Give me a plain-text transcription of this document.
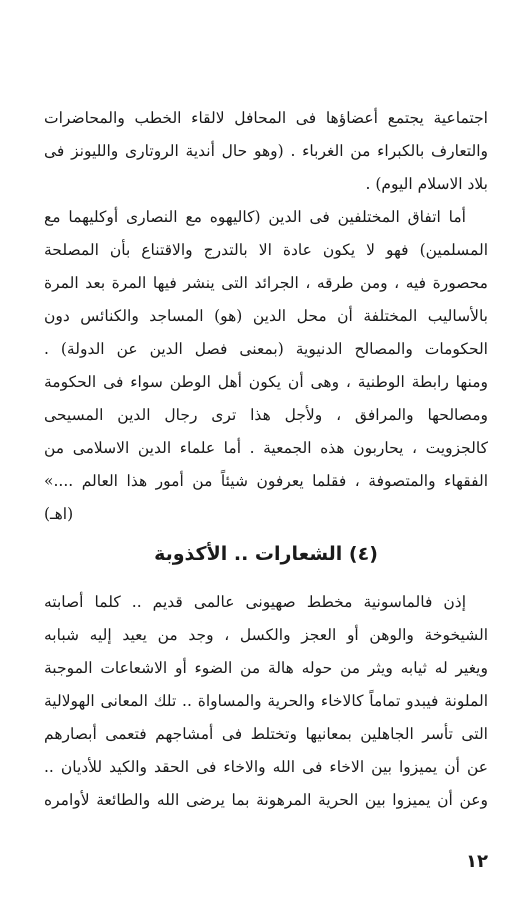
اجتماعية يجتمع أعضاؤها فى المحافل لالقاء الخطب والمحاضرات
والتعارف بالكبراء من الغرباء . (وهو حال أندية الروتارى والليونز فى
بلاد الاسلام اليوم) .
أما اتفاق المختلفين فى الدين (كاليهوه مع النصارى أوكليهما مع
المسلمين) فهو لا يكون عادة الا بالتدرج والاقتناع بأن المصلحة
محصورة فيه ، ومن طرقه ، الجرائد التى ينشر فيها المرة بعد المرة
بالأساليب المختلفة أن محل الدين (هو) المساجد والكنائس دون
الحكومات والمصالح الدنيوية (بمعنى فصل الدين عن الدولة) .
ومنها رابطة الوطنية ، وهى أن يكون أهل الوطن سواء فى الحكومة
ومصالحها والمرافق ، ولأجل هذا ترى رجال الدين المسيحى
كالجزويت ، يحاربون هذه الجمعية . أما علماء الدين الاسلامى من
الفقهاء والمتصوفة ، فقلما يعرفون شيئاً من أمور هذا العالم ....»
(اهـ)
(٤) الشعارات .. الأكذوبة
إذن فالماسونية مخطط صهيونى عالمى قديم .. كلما أصابته
الشيخوخة والوهن أو العجز والكسل ، وجد من يعيد إليه شبابه
ويغير له ثيابه ويثر من حوله هالة من الضوء أو الاشعاعات الموجبة
الملونة فيبدو تماماً كالاخاء والحرية والمساواة .. تلك المعانى الهولالية
التى تأسر الجاهلين بمعانيها وتختلط فى أمشاجهم فتعمى أبصارهم
عن أن يميزوا بين الاخاء فى الله والاخاء فى الحقد والكيد للأديان ..
وعن أن يميزوا بين الحرية المرهونة بما يرضى الله والطائعة لأوامره
١٢
